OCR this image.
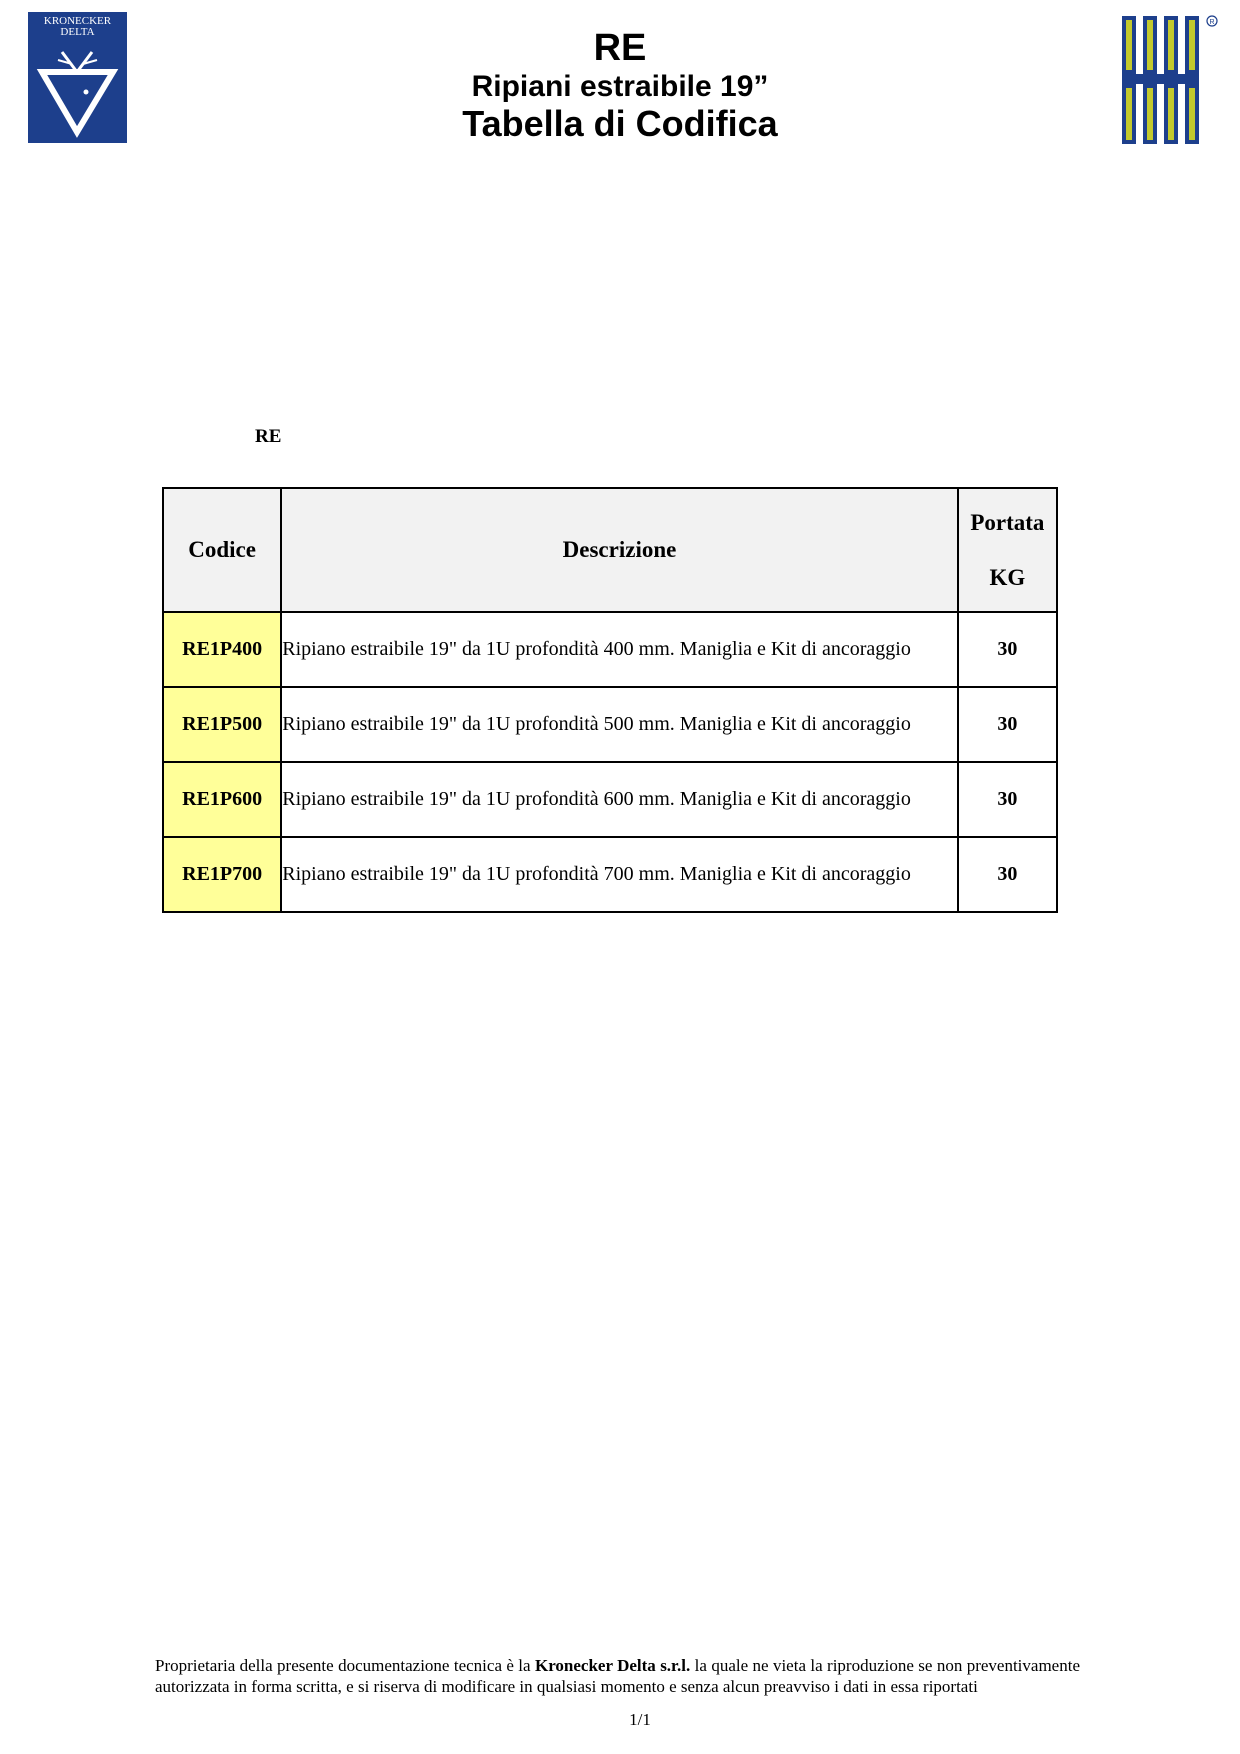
KRONECKER
DELTA
R
RE
Ripiani estraibile 19”
Tabella di Codifica
RE
Codice	Descrizione	Portata
KG

RE1P400	Ripiano estraibile 19" da 1U profondità 400 mm. Maniglia e Kit di ancoraggio	30
RE1P500	Ripiano estraibile 19" da 1U profondità 500 mm. Maniglia e Kit di ancoraggio	30
RE1P600	Ripiano estraibile 19" da 1U profondità 600 mm. Maniglia e Kit di ancoraggio	30
RE1P700	Ripiano estraibile 19" da 1U profondità 700 mm. Maniglia e Kit di ancoraggio	30
Proprietaria della presente documentazione tecnica è la Kronecker Delta s.r.l. la quale ne vieta la riproduzione se non preventivamente autorizzata in forma scritta, e si riserva di modificare in qualsiasi momento e senza alcun preavviso i dati in essa riportati
1/1
